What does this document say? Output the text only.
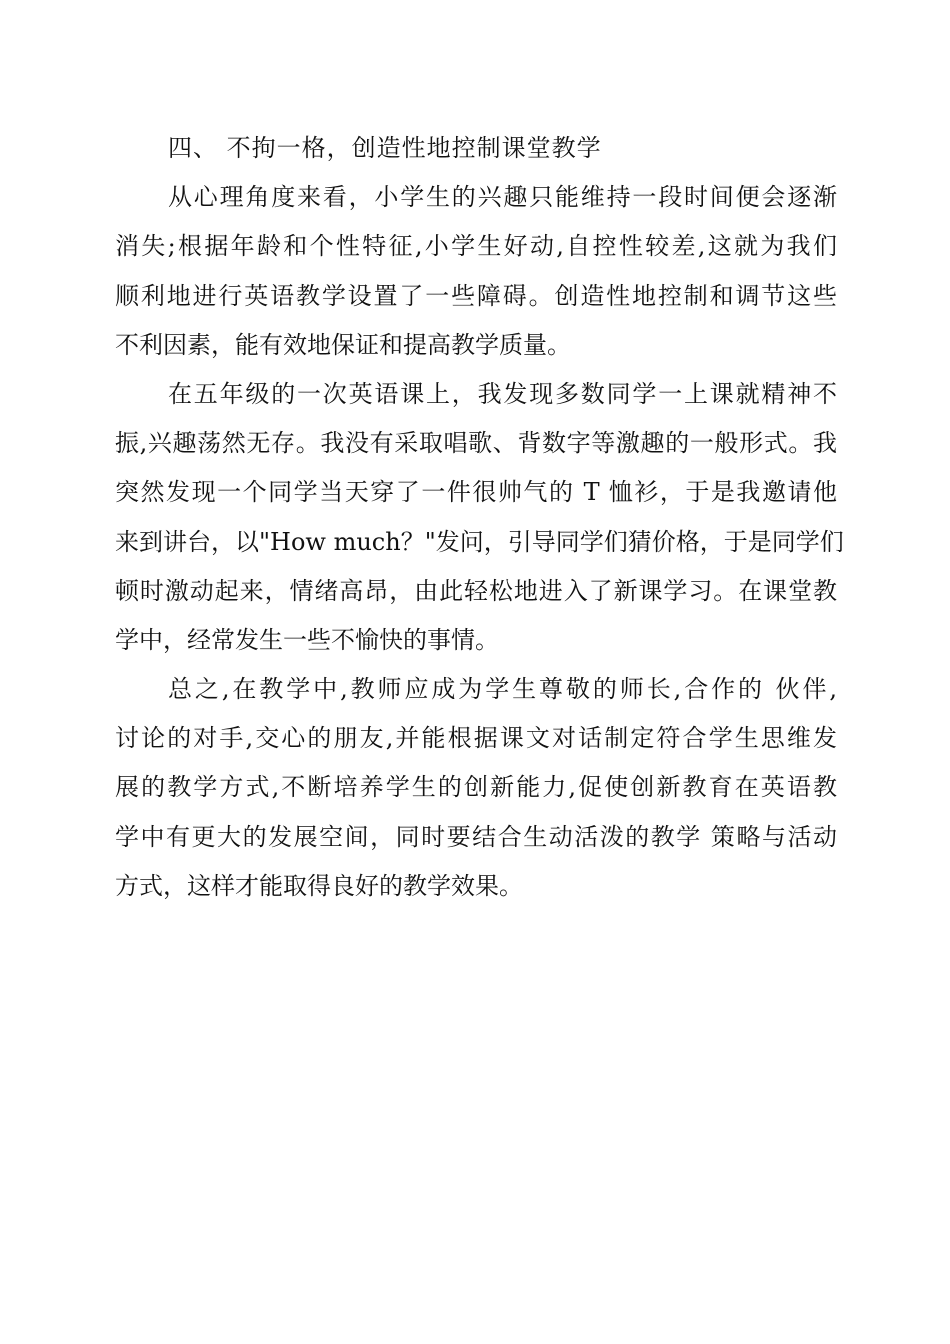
四、 不拘一格，创造性地控制课堂教学
从心理角度来看，小学生的兴趣只能维持一段时间便会逐渐
消失;根据年龄和个性特征,小学生好动,自控性较差,这就为我们
顺利地进行英语教学设置了一些障碍。创造性地控制和调节这些
不利因素，能有效地保证和提高教学质量。
在五年级的一次英语课上，我发现多数同学一上课就精神不
振,兴趣荡然无存。我没有采取唱歌、背数字等激趣的一般形式。我
突然发现一个同学当天穿了一件很帅气的 T 恤衫，于是我邀请他
来到讲台，以"How much？"发问，引导同学们猜价格，于是同学们
顿时激动起来，情绪高昂，由此轻松地进入了新课学习。在课堂教
学中，经常发生一些不愉快的事情。
总之,在教学中,教师应成为学生尊敬的师长,合作的 伙伴,
讨论的对手,交心的朋友,并能根据课文对话制定符合学生思维发
展的教学方式,不断培养学生的创新能力,促使创新教育在英语教
学中有更大的发展空间，同时要结合生动活泼的教学 策略与活动
方式，这样才能取得良好的教学效果。
